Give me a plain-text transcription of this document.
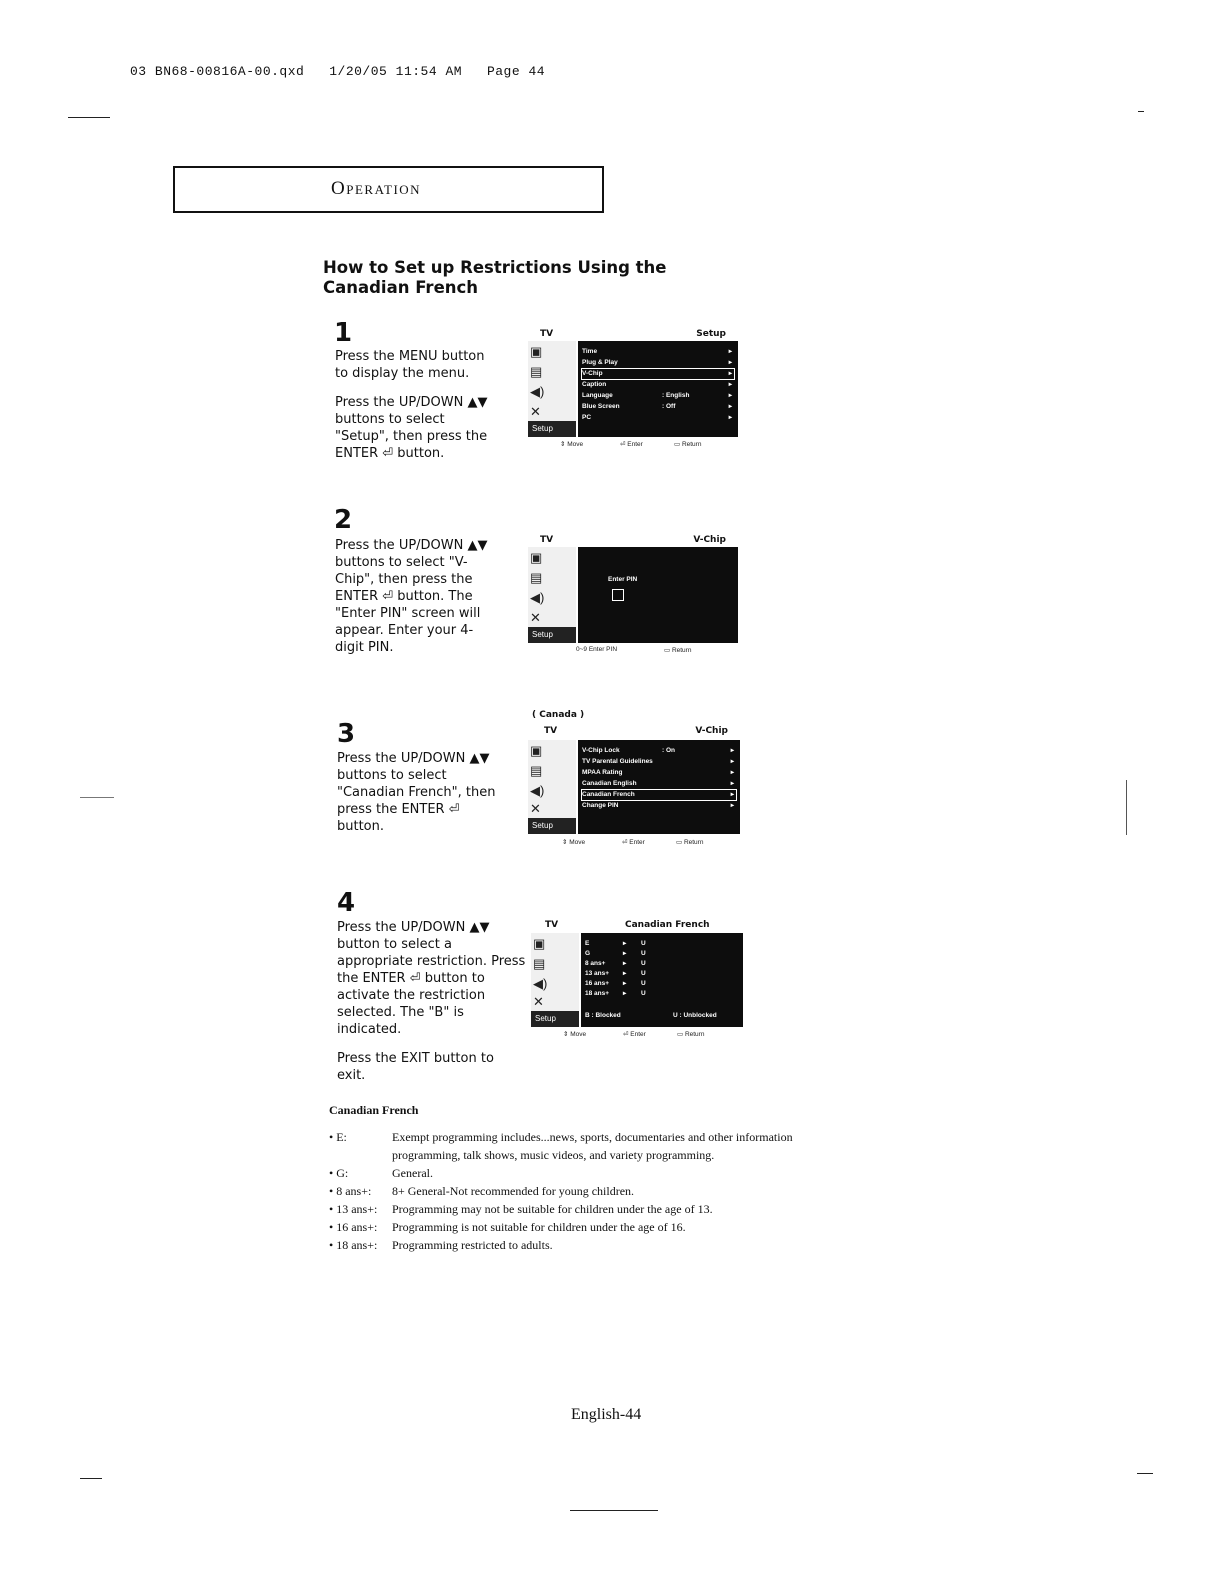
03 BN68-00816A-00.qxd   1/20/05 11:54 AM   Page 44
Operation
How to Set up Restrictions Using the Canadian French
1

Press the MENU button to display the menu.

Press the UP/DOWN ▲▼ buttons to select "Setup", then press the ENTER ⏎ button.

TV	Setup
▣
▤
◀)
✕
Setup
Time	▸
Plug & Play	▸
V-Chip	▸
Caption	▸
Language	: English	▸
Blue Screen	: Off	▸
PC	▸
⇕ Move	⏎ Enter	▭ Return
2

Press the UP/DOWN ▲▼ buttons to select "V-Chip", then press the ENTER ⏎ button. The "Enter PIN" screen will appear. Enter your 4-digit PIN.

TV	V-Chip
▣
▤
◀)
✕
Setup
Enter PIN
0~9 Enter PIN	▭ Return
3

Press the UP/DOWN ▲▼ buttons to select "Canadian French", then press the ENTER ⏎ button.

( Canada )
TV	V-Chip
▣
▤
◀)
✕
Setup
V-Chip Lock	: On	▸
TV Parental Guidelines	▸
MPAA Rating	▸
Canadian English	▸
Canadian French	▸
Change PIN	▸
⇕ Move	⏎ Enter	▭ Return
4

Press the UP/DOWN ▲▼ button to select a appropriate restriction. Press the ENTER ⏎ button to activate the restriction selected. The "B" is indicated.

Press the EXIT button to exit.

TV	Canadian French
▣
▤
◀)
✕
Setup
E	▸ U
G	▸ U
8 ans+	▸ U
13 ans+ ▸ U
16 ans+ ▸ U
18 ans+ ▸ U
B : Blocked	U : Unblocked
⇕ Move	⏎ Enter	▭ Return
Canadian French
• E:	Exempt programming includes...news, sports, documentaries and other information programming, talk shows, music videos, and variety programming.
• G:	General.
• 8 ans+:	8+ General-Not recommended for young children.
• 13 ans+:	Programming may not be suitable for children under the age of 13.
• 16 ans+:	Programming is not suitable for children under the age of 16.
• 18 ans+:	Programming restricted to adults.
English-44
